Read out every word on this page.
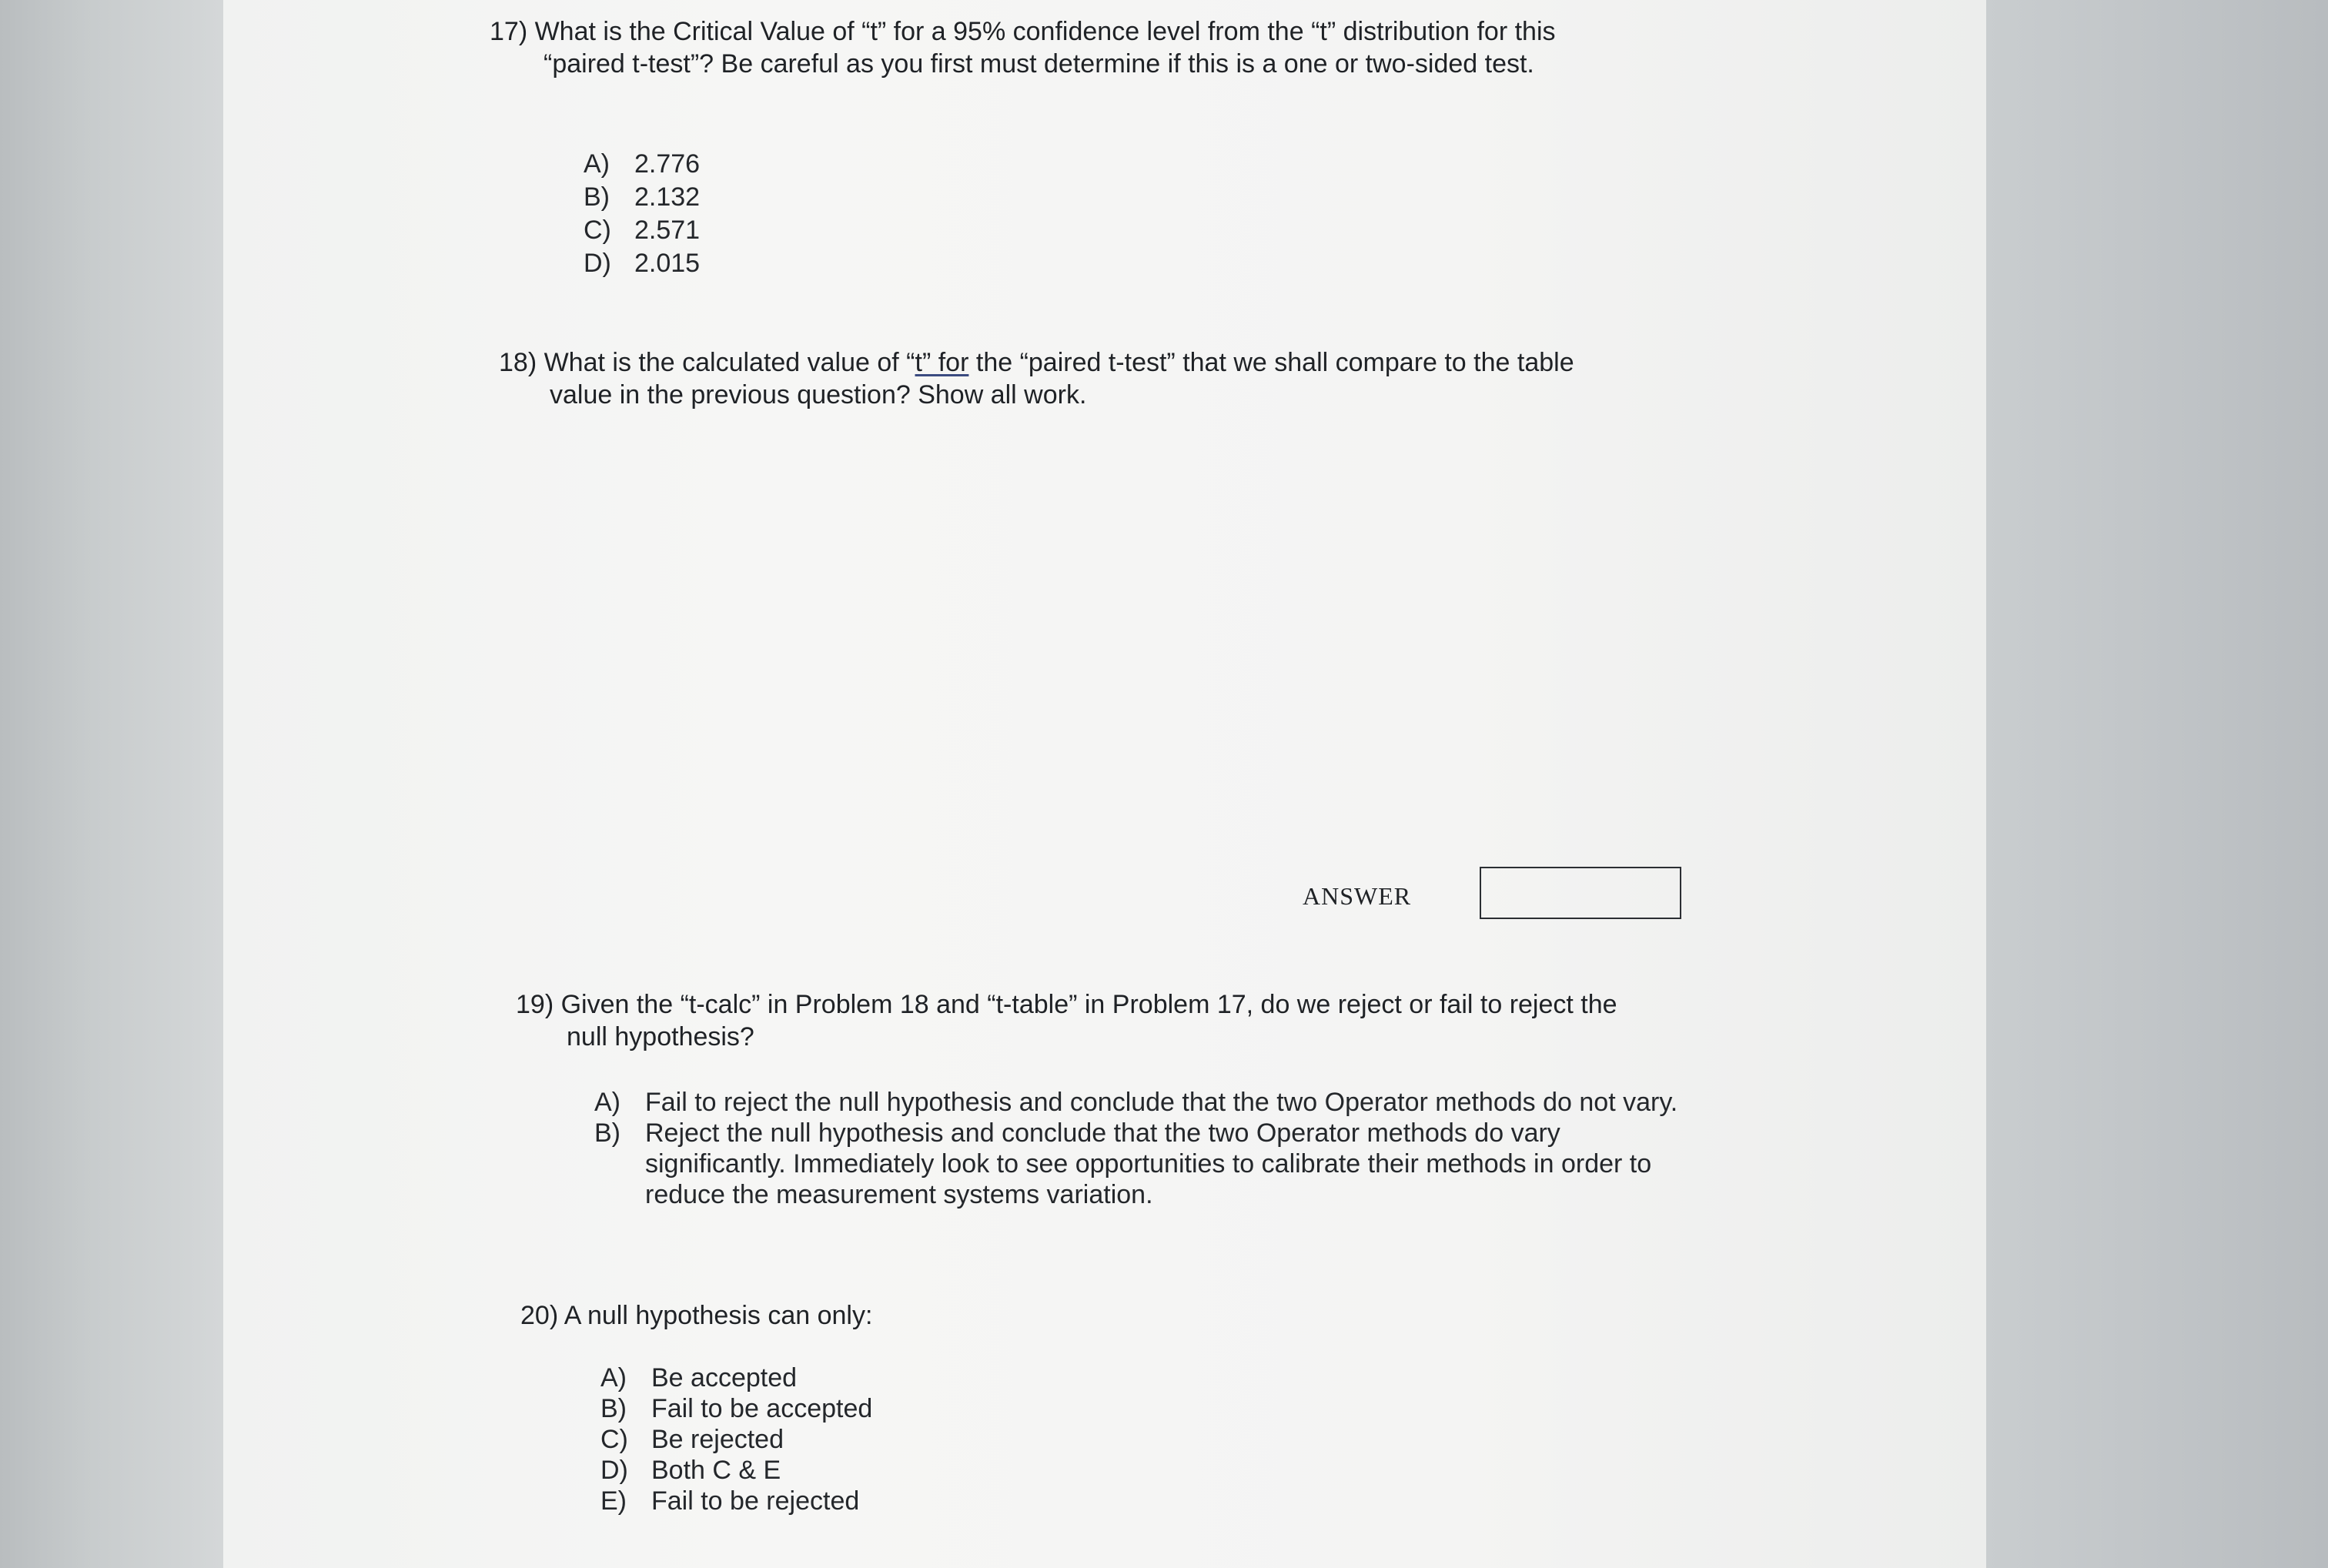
17) What is the Critical Value of “t” for a 95% confidence level from the “t” distribution for this
“paired t-test”? Be careful as you first must determine if this is a one or two-sided test.
A) 2.776
B) 2.132
C) 2.571
D) 2.015
18) What is the calculated value of “t” for the “paired t-test” that we shall compare to the table
value in the previous question? Show all work.
ANSWER
19) Given the “t-calc” in Problem 18 and “t-table” in Problem 17, do we reject or fail to reject the
null hypothesis?
A) Fail to reject the null hypothesis and conclude that the two Operator methods do not vary.
B) Reject the null hypothesis and conclude that the two Operator methods do vary significantly. Immediately look to see opportunities to calibrate their methods in order to reduce the measurement systems variation.
20) A null hypothesis can only:
A) Be accepted
B) Fail to be accepted
C) Be rejected
D) Both C & E
E) Fail to be rejected
